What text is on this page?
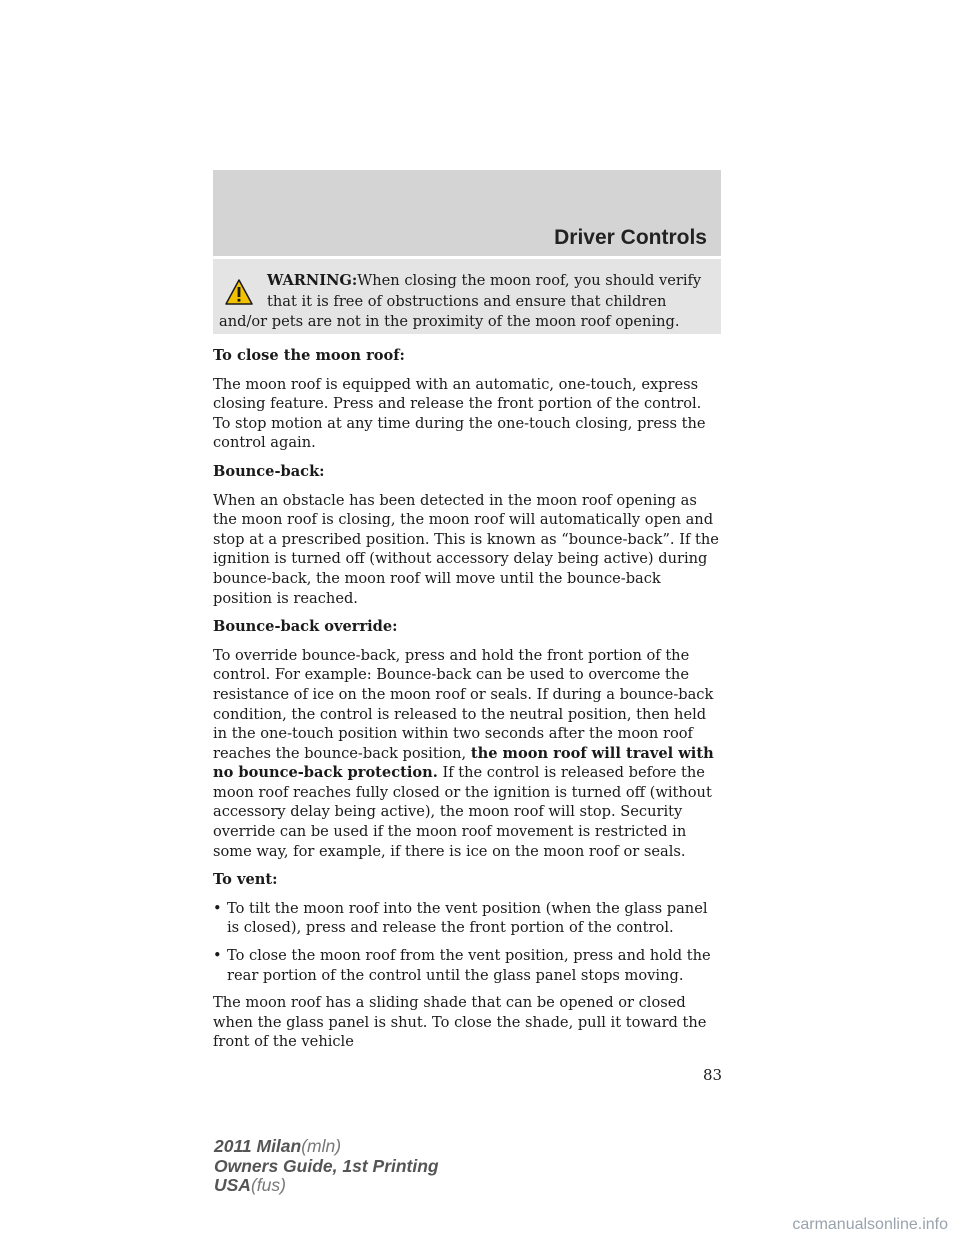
Driver Controls
WARNING:When closing the moon roof, you should verify that it is free of obstructions and ensure that children and/or pets are not in the proximity of the moon roof opening.

To close the moon roof:

The moon roof is equipped with an automatic, one-touch, express closing feature. Press and release the front portion of the control. To stop motion at any time during the one-touch closing, press the control again.

Bounce-back:

When an obstacle has been detected in the moon roof opening as the moon roof is closing, the moon roof will automatically open and stop at a prescribed position. This is known as “bounce-back”. If the ignition is turned off (without accessory delay being active) during bounce-back, the moon roof will move until the bounce-back position is reached.

Bounce-back override:

To override bounce-back, press and hold the front portion of the control. For example: Bounce-back can be used to overcome the resistance of ice on the moon roof or seals. If during a bounce-back condition, the control is released to the neutral position, then held in the one-touch position within two seconds after the moon roof reaches the bounce-back position, the moon roof will travel with no bounce-back protection. If the control is released before the moon roof reaches fully closed or the ignition is turned off (without accessory delay being active), the moon roof will stop. Security override can be used if the moon roof movement is restricted in some way, for example, if there is ice on the moon roof or seals.

To vent:

• To tilt the moon roof into the vent position (when the glass panel is closed), press and release the front portion of the control.
• To close the moon roof from the vent position, press and hold the rear portion of the control until the glass panel stops moving.

The moon roof has a sliding shade that can be opened or closed when the glass panel is shut. To close the shade, pull it toward the front of the vehicle

83
2011 Milan(mln)
Owners Guide, 1st Printing
USA(fus)
carmanualsonline.info
